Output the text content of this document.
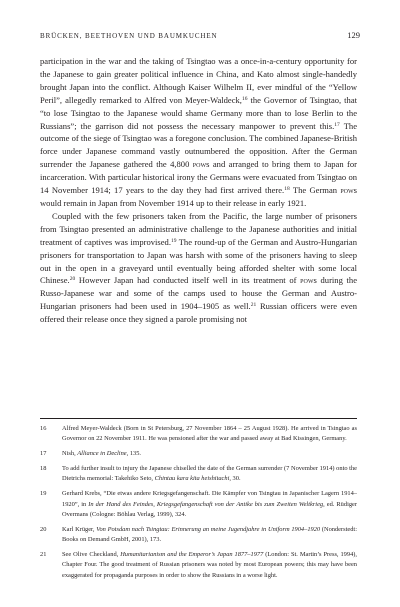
BRÜCKEN, BEETHOVEN UND BAUMKUCHEN	129

participation in the war and the taking of Tsingtao was a once-in-a-century opportunity for the Japanese to gain greater political influence in China, and Kato almost single-handedly brought Japan into the conflict. Although Kaiser Wilhelm II, ever mindful of the “Yellow Peril”, allegedly remarked to Alfred von Meyer-Waldeck,$^{16}$ the Governor of Tsingtao, that “to lose Tsingtao to the Japanese would shame Germany more than to lose Berlin to the Russians”; the garrison did not possess the necessary manpower to prevent this.$^{17}$ The outcome of the siege of Tsingtao was a foregone conclusion. The combined Japanese-British force under Japanese command vastly outnumbered the opposition. After the German surrender the Japanese gathered the 4,800 pows and arranged to bring them to Japan for incarceration. With particular historical irony the Germans were evacuated from Tsingtao on 14 November 1914; 17 years to the day they had first arrived there.$^{18}$ The German pows would remain in Japan from November 1914 up to their release in early 1921.

Coupled with the few prisoners taken from the Pacific, the large number of prisoners from Tsingtao presented an administrative challenge to the Japanese authorities and initial treatment of captives was improvised.$^{19}$ The round-up of the German and Austro-Hungarian prisoners for transportation to Japan was harsh with some of the prisoners having to sleep out in the open in a graveyard until eventually being afforded shelter with some local Chinese.$^{20}$ However Japan had conducted itself well in its treatment of pows during the Russo-Japanese war and some of the camps used to house the German and Austro-Hungarian prisoners had been used in 1904–1905 as well.$^{21}$ Russian officers were even offered their release once they signed a parole promising not

16	Alfred Meyer-Waldeck (Born in St Petersburg, 27 November 1864 – 25 August 1928). He arrived in Tsingtao as Governor on 22 November 1911. He was pensioned after the war and passed away at Bad Kissingen, Germany.
17	Nish, Alliance in Decline, 135.
18	To add further insult to injury the Japanese chiselled the date of the German surrender (7 November 1914) onto the Dietrichs memorial: Takehiko Seto, Chintau kara kita heishitachi, 30.
19	Gerhard Krebs, “Die etwas andere Kriegsgefangenschaft. Die Kämpfer von Tsingtau in Japanischer Lagern 1914–1920”, in In der Hand des Feindes, Kriegsgefangenschaft von der Antike bis zum Zweiten Weltkrieg, ed. Rüdiger Overmans (Cologne: Böhlau Verlag, 1999), 324.
20	Karl Krüger, Von Potsdam nach Tsingtau: Erinnerung an meine Jugendjahre in Uniform 1904–1920 (Nonderstedt: Books on Demand GmbH, 2001), 173.
21	See Olive Checkland, Humanitarianism and the Emperor’s Japan 1877–1977 (London: St. Martin’s Press, 1994), Chapter Four. The good treatment of Russian prisoners was noted by most European powers; this may have been exaggerated for propaganda purposes in order to show the Russians in a worse light.
